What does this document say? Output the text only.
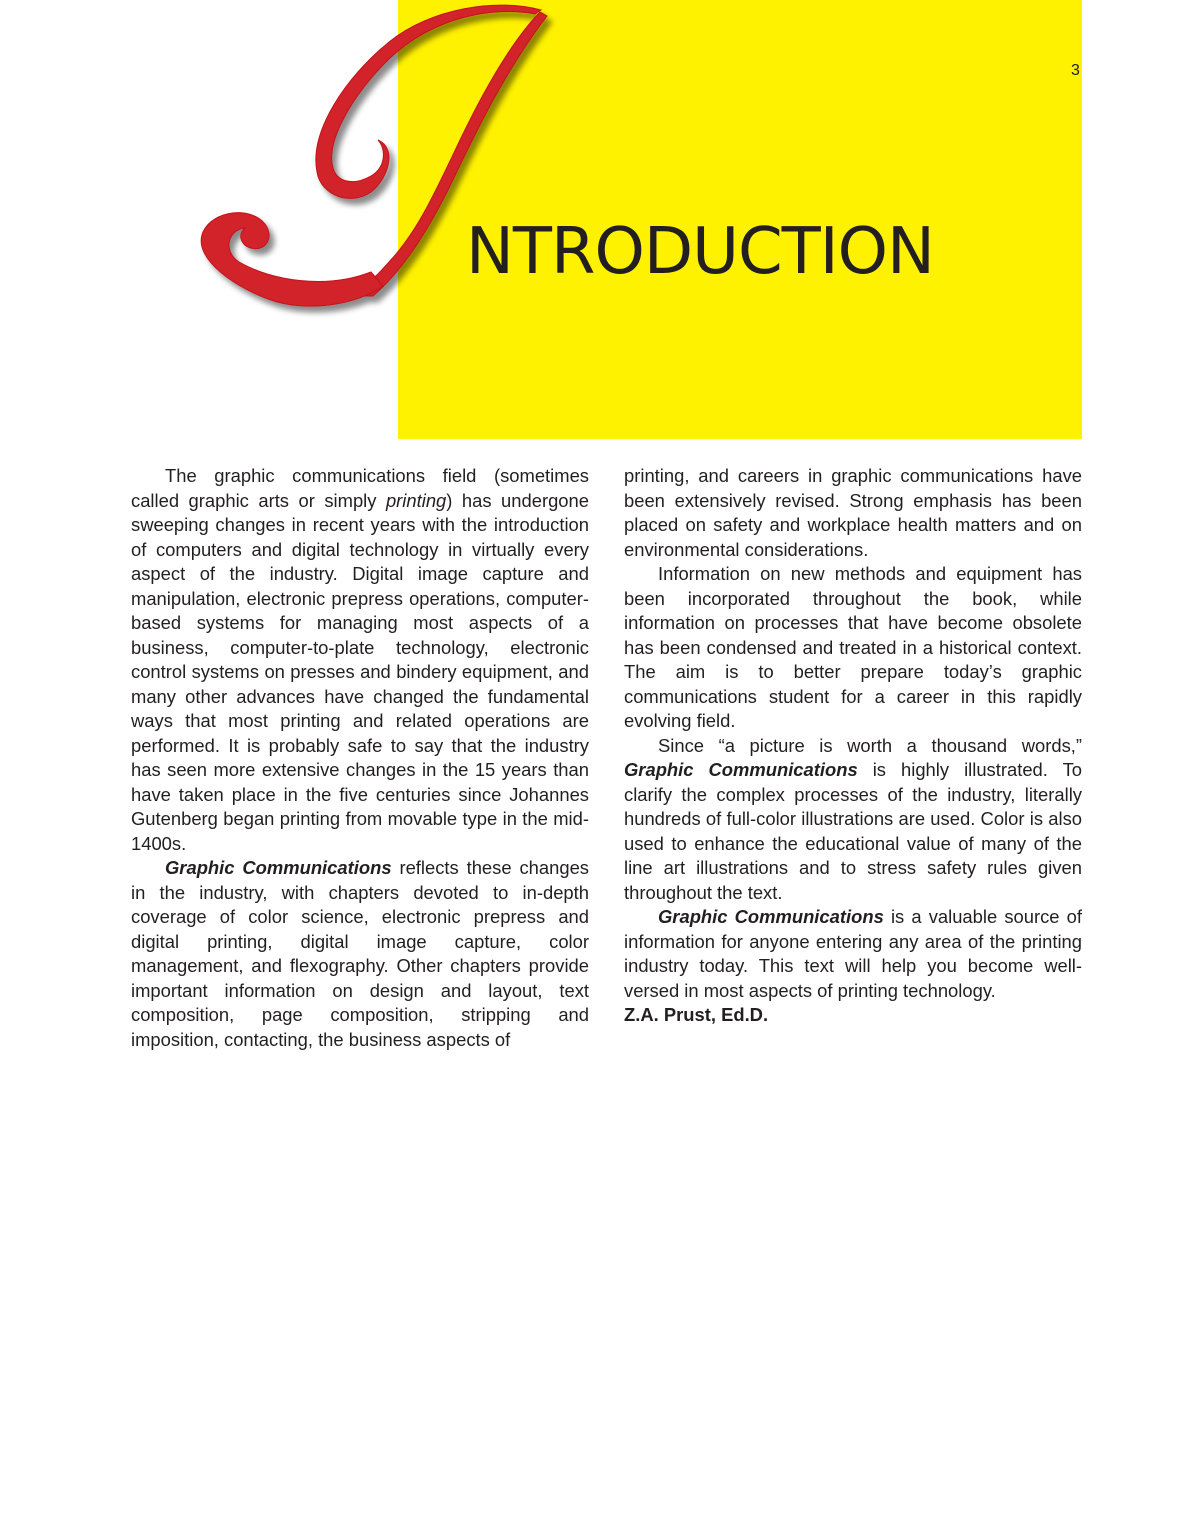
3
NTRODUCTION

The graphic communications field (sometimes called graphic arts or simply printing) has undergone sweeping changes in recent years with the introduction of computers and digital technology in virtually every aspect of the industry. Digital image capture and manipulation, electronic prepress operations, computer-based systems for managing most aspects of a business, computer-to-plate technology, electronic control systems on presses and bindery equipment, and many other advances have changed the fundamental ways that most printing and related operations are performed. It is probably safe to say that the industry has seen more extensive changes in the 15 years than have taken place in the five centuries since Johannes Gutenberg began printing from movable type in the mid-1400s.

Graphic Communications reflects these changes in the industry, with chapters devoted to in-depth coverage of color science, electronic prepress and digital printing, digital image capture, color management, and flexography. Other chapters provide important information on design and layout, text composition, page composition, stripping and imposition, contacting, the business aspects of

printing, and careers in graphic communications have been extensively revised. Strong emphasis has been placed on safety and workplace health matters and on environmental considerations.

Information on new methods and equipment has been incorporated throughout the book, while information on processes that have become obsolete has been condensed and treated in a historical context. The aim is to better prepare today’s graphic communications student for a career in this rapidly evolving field.

Since “a picture is worth a thousand words,” Graphic Communications is highly illustrated. To clarify the complex processes of the industry, literally hundreds of full-color illustrations are used. Color is also used to enhance the educational value of many of the line art illustrations and to stress safety rules given throughout the text.

Graphic Communications is a valuable source of information for anyone entering any area of the printing industry today. This text will help you become well-versed in most aspects of printing technology.

Z.A. Prust, Ed.D.
